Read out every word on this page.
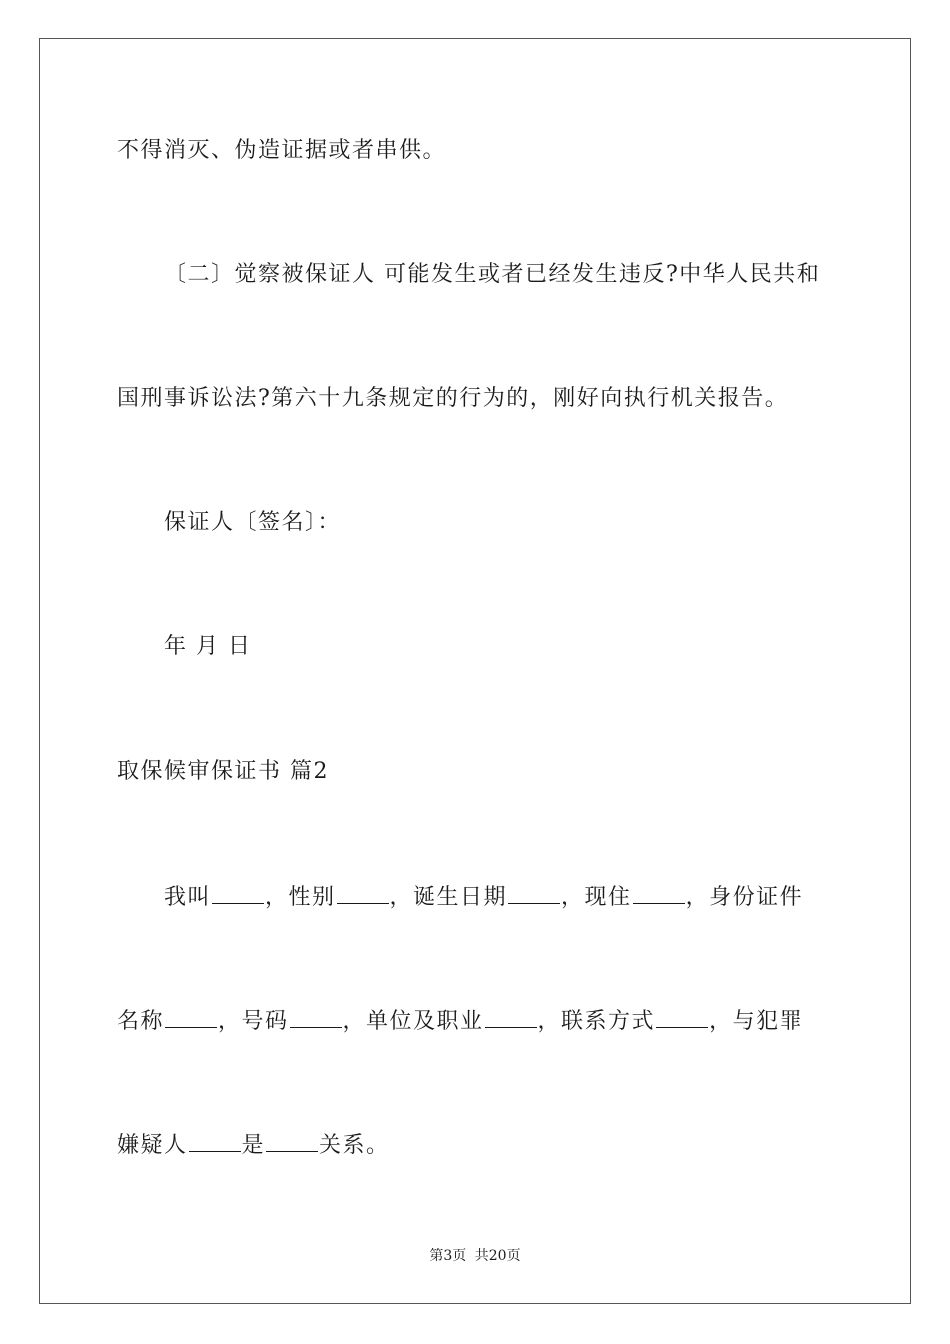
不得消灭、伪造证据或者串供。
〔二〕觉察被保证人 可能发生或者已经发生违反?中华人民共和
国刑事诉讼法?第六十九条规定的行为的，刚好向执行机关报告。
保证人〔签名〕：
年 月 日
取保候审保证书 篇2
我叫 ，性别 ，诞生日期 ，现住 ，身份证件
名称 ，号码 ，单位及职业 ，联系方式 ，与犯罪
嫌疑人 是 关系。
第3页 共20页
